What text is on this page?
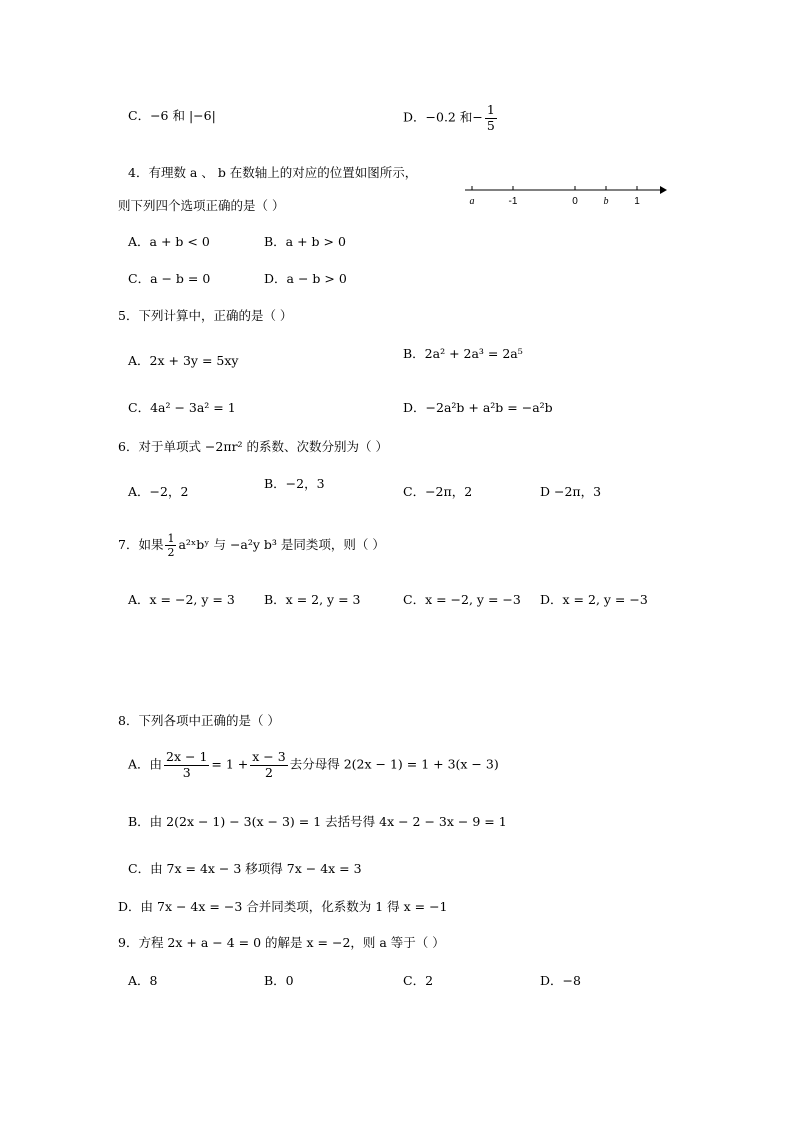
C．−6 和 |−6|	D．−0.2 和− $\frac{1}{5}$
4．有理数 a 、 b 在数轴上的对应的位置如图所示，
则下列四个选项正确的是（ ）	a	-1	0	b	1
A．a + b < 0	B．a + b > 0
C．a − b = 0	D．a − b > 0
5．下列计算中，正确的是（ ）
A．2x + 3y = 5xy	B．2a² + 2a³ = 2a⁵
C．4a² − 3a² = 1	D．−2a²b + a²b = −a²b
6．对于单项式 −2πr² 的系数、次数分别为（ ）
A．−2，2
B．−2，3
C．−2π，2	D −2π，3
7．如果 $\frac{1}{2}$ a²ˣbʸ 与 −a²y b³ 是同类项，则（ ）
A．x = −2, y = 3 B．x = 2, y = 3	C．x = −2, y = −3 D．x = 2, y = −3
8．下列各项中正确的是（ ）
A．由 $\frac{2x - 1}{3} = 1 + \frac{x - 3}{2}$ 去分母得 2(2x − 1) = 1 + 3(x − 3)
B．由 2(2x − 1) − 3(x − 3) = 1 去括号得 4x − 2 − 3x − 9 = 1
C．由 7x = 4x − 3 移项得 7x − 4x = 3
D．由 7x − 4x = −3 合并同类项，化系数为 1 得 x = −1
9．方程 2x + a − 4 = 0 的解是 x = −2，则 a 等于（ ）
A．8	B．0	C．2	D．−8
